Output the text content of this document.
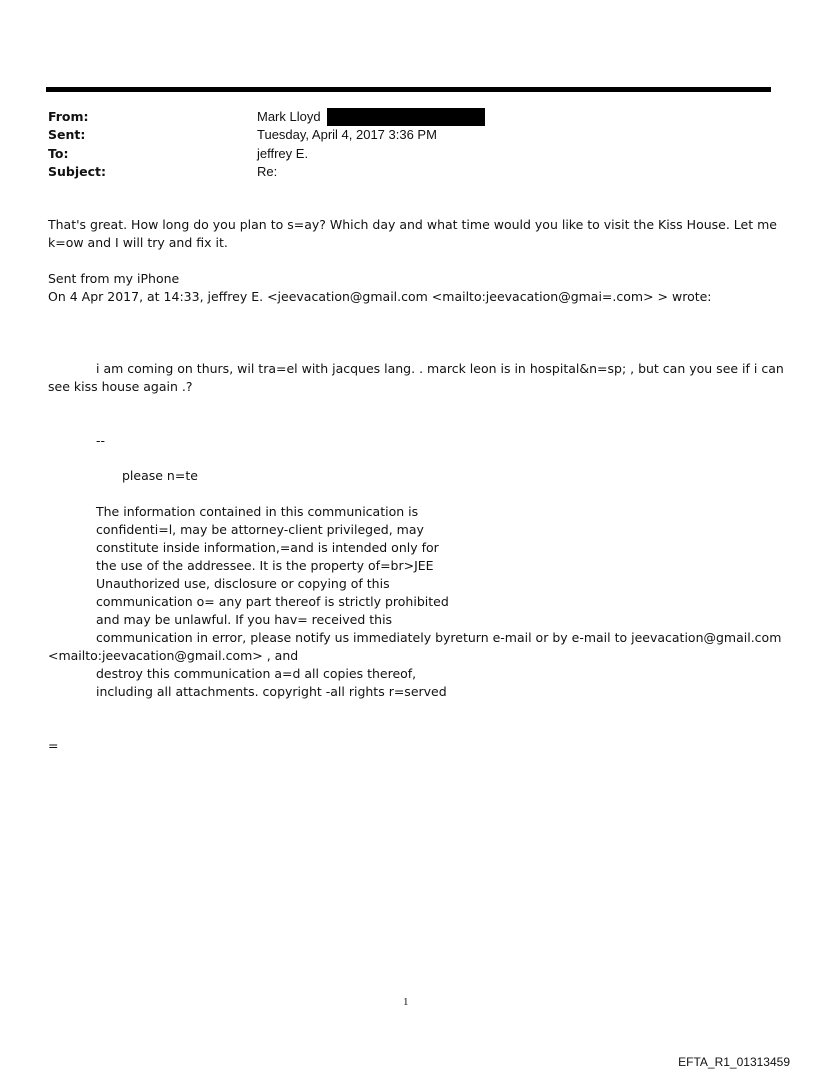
From:	Mark Lloyd
Sent:	Tuesday, April 4, 2017 3:36 PM
To:	jeffrey E.
Subject:	Re:
That's great. How long do you plan to s=ay? Which day and what time would you like to visit the Kiss House. Let me
k=ow and I will try and fix it.
Sent from my iPhone
On 4 Apr 2017, at 14:33, jeffrey E. <jeevacation@gmail.com <mailto:jeevacation@gmai=.com> > wrote:
i am coming on thurs, wil tra=el with jacques lang. . marck leon is in hospital&n=sp; , but can you see if i can
see kiss house again .?
--
please n=te
The information contained in this communication is
confidenti=l, may be attorney-client privileged, may
constitute inside information,=and is intended only for
the use of the addressee. It is the property of=br>JEE
Unauthorized use, disclosure or copying of this
communication o= any part thereof is strictly prohibited
and may be unlawful. If you hav= received this
communication in error, please notify us immediately byreturn e-mail or by e-mail to jeevacation@gmail.com
<mailto:jeevacation@gmail.com> , and
destroy this communication a=d all copies thereof,
including all attachments. copyright -all rights r=served
=
1
EFTA_R1_01313459
